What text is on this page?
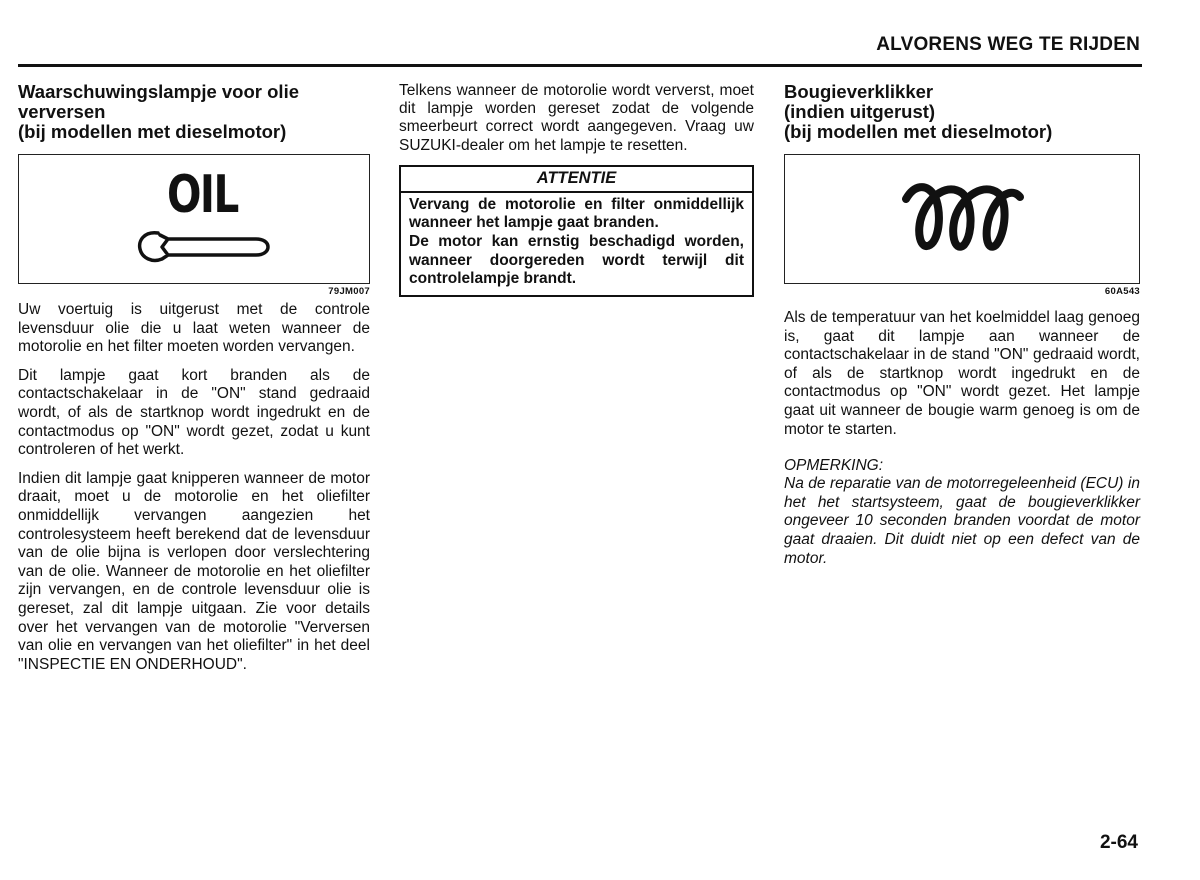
ALVORENS WEG TE RIJDEN
Waarschuwingslampje voor olie
verversen
(bij modellen met dieselmotor)
OIL
79JM007

Uw voertuig is uitgerust met de controle levensduur olie die u laat weten wanneer de motorolie en het filter moeten worden vervangen.

Dit lampje gaat kort branden als de contactschakelaar in de "ON" stand gedraaid wordt, of als de startknop wordt ingedrukt en de contactmodus op "ON" wordt gezet, zodat u kunt controleren of het werkt.

Indien dit lampje gaat knipperen wanneer de motor draait, moet u de motorolie en het oliefilter onmiddellijk vervangen aangezien het controlesysteem heeft berekend dat de levensduur van de olie bijna is verlopen door verslechtering van de olie. Wanneer de motorolie en het oliefilter zijn vervangen, en de controle levensduur olie is gereset, zal dit lampje uitgaan. Zie voor details over het vervangen van de motorolie "Verversen van olie en vervangen van het oliefilter" in het deel "INSPECTIE EN ONDERHOUD".

Telkens wanneer de motorolie wordt ververst, moet dit lampje worden gereset zodat de volgende smeerbeurt correct wordt aangegeven. Vraag uw SUZUKI-dealer om het lampje te resetten.

ATTENTIE
Vervang de motorolie en filter onmiddellijk wanneer het lampje gaat branden.
De motor kan ernstig beschadigd worden, wanneer doorgereden wordt terwijl dit controlelampje brandt.
Bougieverklikker
(indien uitgerust)
(bij modellen met dieselmotor)
60A543

Als de temperatuur van het koelmiddel laag genoeg is, gaat dit lampje aan wanneer de contactschakelaar in de stand "ON" gedraaid wordt, of als de startknop wordt ingedrukt en de contactmodus op "ON" wordt gezet. Het lampje gaat uit wanneer de bougie warm genoeg is om de motor te starten.

OPMERKING:

Na de reparatie van de motorregeleenheid (ECU) in het het startsysteem, gaat de bougieverklikker ongeveer 10 seconden branden voordat de motor gaat draaien. Dit duidt niet op een defect van de motor.

2-64
